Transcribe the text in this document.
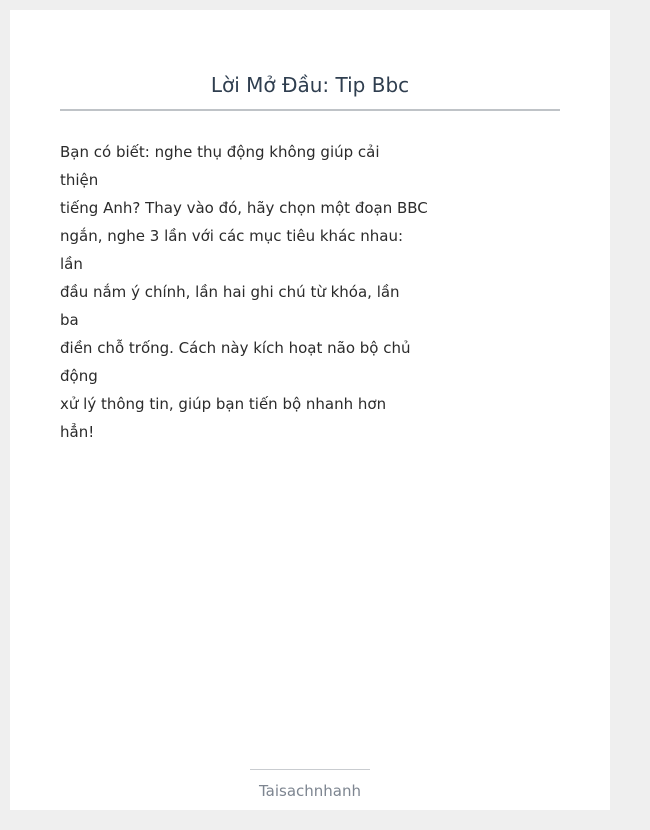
Lời Mở Đầu: Tip Bbc

Bạn có biết: nghe thụ động không giúp cải
thiện
tiếng Anh? Thay vào đó, hãy chọn một đoạn BBC
ngắn, nghe 3 lần với các mục tiêu khác nhau:
lần
đầu nắm ý chính, lần hai ghi chú từ khóa, lần
ba
điền chỗ trống. Cách này kích hoạt não bộ chủ
động
xử lý thông tin, giúp bạn tiến bộ nhanh hơn
hẳn!

Taisachnhanh
